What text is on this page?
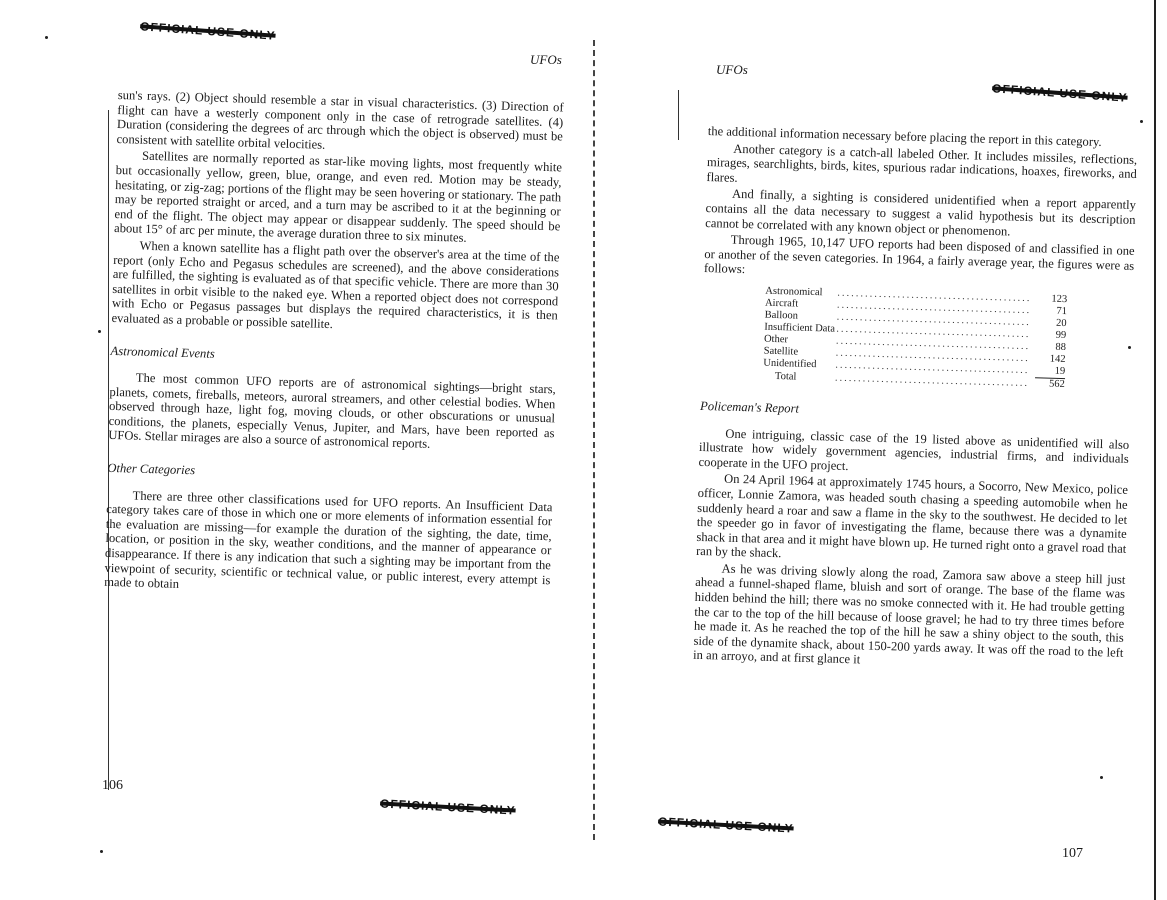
OFFICIAL USE ONLY
UFOs

sun's rays. (2) Object should resemble a star in visual characteristics. (3) Direction of flight can have a westerly component only in the case of retrograde satellites. (4) Duration (considering the degrees of arc through which the object is observed) must be consistent with satellite orbital velocities.

Satellites are normally reported as star-like moving lights, most frequently white but occasionally yellow, green, blue, orange, and even red. Motion may be steady, hesitating, or zig-zag; portions of the flight may be seen hovering or stationary. The path may be reported straight or arced, and a turn may be ascribed to it at the beginning or end of the flight. The object may appear or disappear suddenly. The speed should be about 15° of arc per minute, the average duration three to six minutes.

When a known satellite has a flight path over the observer's area at the time of the report (only Echo and Pegasus schedules are screened), and the above considerations are fulfilled, the sighting is evaluated as of that specific vehicle. There are more than 30 satellites in orbit visible to the naked eye. When a reported object does not correspond with Echo or Pegasus passages but displays the required characteristics, it is then evaluated as a probable or possible satellite.

Astronomical Events

The most common UFO reports are of astronomical sightings—bright stars, planets, comets, fireballs, meteors, auroral streamers, and other celestial bodies. When observed through haze, light fog, moving clouds, or other obscurations or unusual conditions, the planets, especially Venus, Jupiter, and Mars, have been reported as UFOs. Stellar mirages are also a source of astronomical reports.

Other Categories

There are three other classifications used for UFO reports. An Insufficient Data category takes care of those in which one or more elements of information essential for the evaluation are missing—for example the duration of the sighting, the date, time, location, or position in the sky, weather conditions, and the manner of appearance or disappearance. If there is any indication that such a sighting may be important from the viewpoint of security, scientific or technical value, or public interest, every attempt is made to obtain

106
OFFICIAL USE ONLY
UFOs
OFFICIAL USE ONLY

the additional information necessary before placing the report in this category.

Another category is a catch-all labeled Other. It includes missiles, reflections, mirages, searchlights, birds, kites, spurious radar indications, hoaxes, fireworks, and flares.

And finally, a sighting is considered unidentified when a report apparently contains all the data necessary to suggest a valid hypothesis but its description cannot be correlated with any known object or phenomenon.

Through 1965, 10,147 UFO reports had been disposed of and classified in one or another of the seven categories. In 1964, a fairly average year, the figures were as follows:

Astronomical	..........................................	123
Aircraft	..........................................	71
Balloon	..........................................	20
Insufficient Data	..........................................	99
Other	..........................................	88
Satellite	..........................................	142
Unidentified	..........................................	19
Total	..........................................	562
Policeman's Report

One intriguing, classic case of the 19 listed above as unidentified will also illustrate how widely government agencies, industrial firms, and individuals cooperate in the UFO project.

On 24 April 1964 at approximately 1745 hours, a Socorro, New Mexico, police officer, Lonnie Zamora, was headed south chasing a speeding automobile when he suddenly heard a roar and saw a flame in the sky to the southwest. He decided to let the speeder go in favor of investigating the flame, because there was a dynamite shack in that area and it might have blown up. He turned right onto a gravel road that ran by the shack.

As he was driving slowly along the road, Zamora saw above a steep hill just ahead a funnel-shaped flame, bluish and sort of orange. The base of the flame was hidden behind the hill; there was no smoke connected with it. He had trouble getting the car to the top of the hill because of loose gravel; he had to try three times before he made it. As he reached the top of the hill he saw a shiny object to the south, this side of the dynamite shack, about 150-200 yards away. It was off the road to the left in an arroyo, and at first glance it

OFFICIAL USE ONLY
107
